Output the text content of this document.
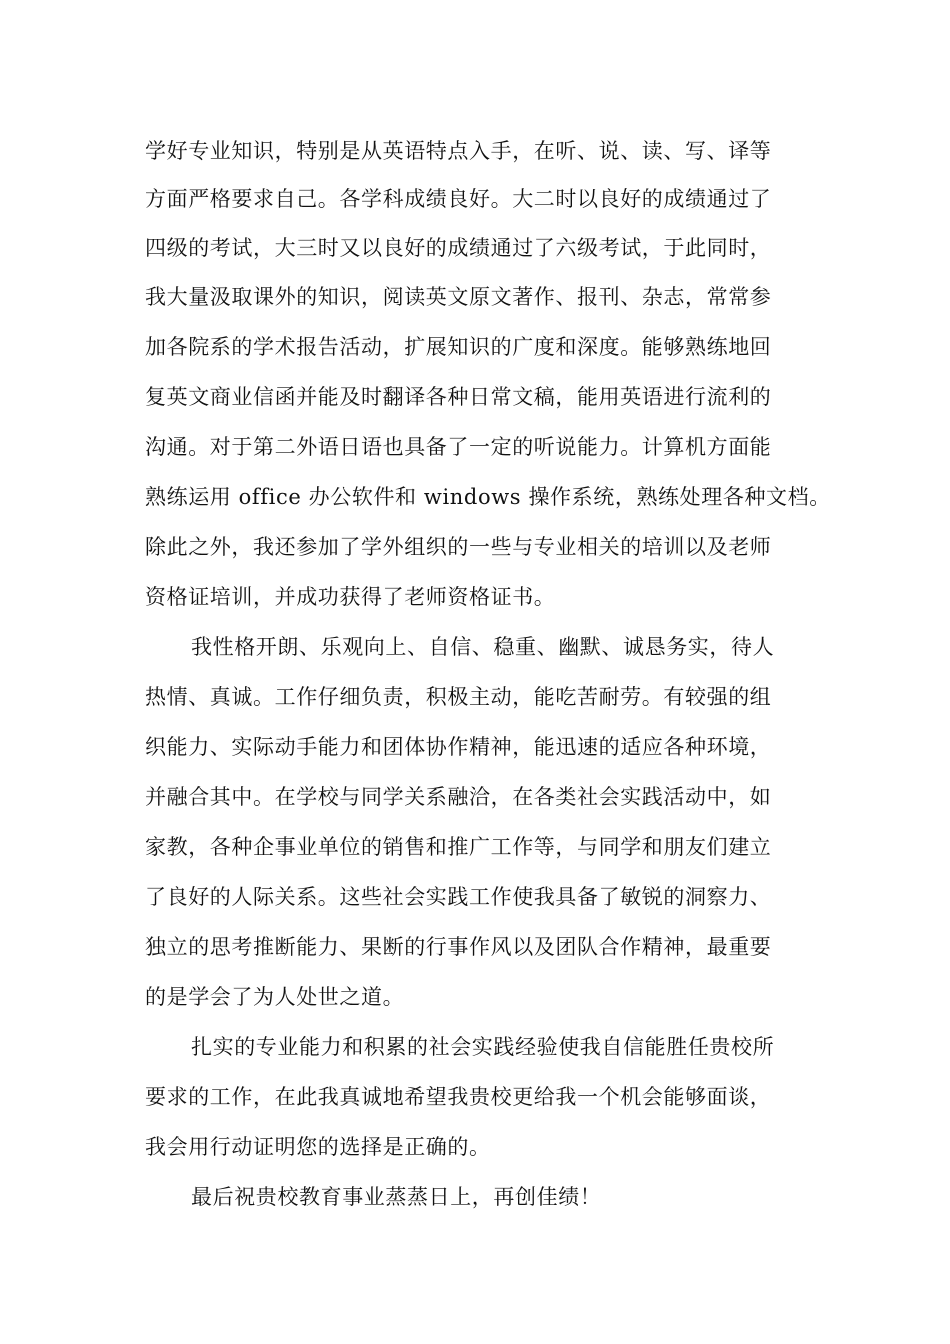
学好专业知识，特别是从英语特点入手，在听、说、读、写、译等
方面严格要求自己。各学科成绩良好。大二时以良好的成绩通过了
四级的考试，大三时又以良好的成绩通过了六级考试，于此同时，
我大量汲取课外的知识，阅读英文原文著作、报刊、杂志，常常参
加各院系的学术报告活动，扩展知识的广度和深度。能够熟练地回
复英文商业信函并能及时翻译各种日常文稿，能用英语进行流利的
沟通。对于第二外语日语也具备了一定的听说能力。计算机方面能
熟练运用 office 办公软件和 windows 操作系统，熟练处理各种文档。
除此之外，我还参加了学外组织的一些与专业相关的培训以及老师
资格证培训，并成功获得了老师资格证书。
我性格开朗、乐观向上、自信、稳重、幽默、诚恳务实，待人
热情、真诚。工作仔细负责，积极主动，能吃苦耐劳。有较强的组
织能力、实际动手能力和团体协作精神，能迅速的适应各种环境，
并融合其中。在学校与同学关系融洽，在各类社会实践活动中，如
家教，各种企事业单位的销售和推广工作等，与同学和朋友们建立
了良好的人际关系。这些社会实践工作使我具备了敏锐的洞察力、
独立的思考推断能力、果断的行事作风以及团队合作精神，最重要
的是学会了为人处世之道。
扎实的专业能力和积累的社会实践经验使我自信能胜任贵校所
要求的工作，在此我真诚地希望我贵校更给我一个机会能够面谈，
我会用行动证明您的选择是正确的。
最后祝贵校教育事业蒸蒸日上，再创佳绩！
